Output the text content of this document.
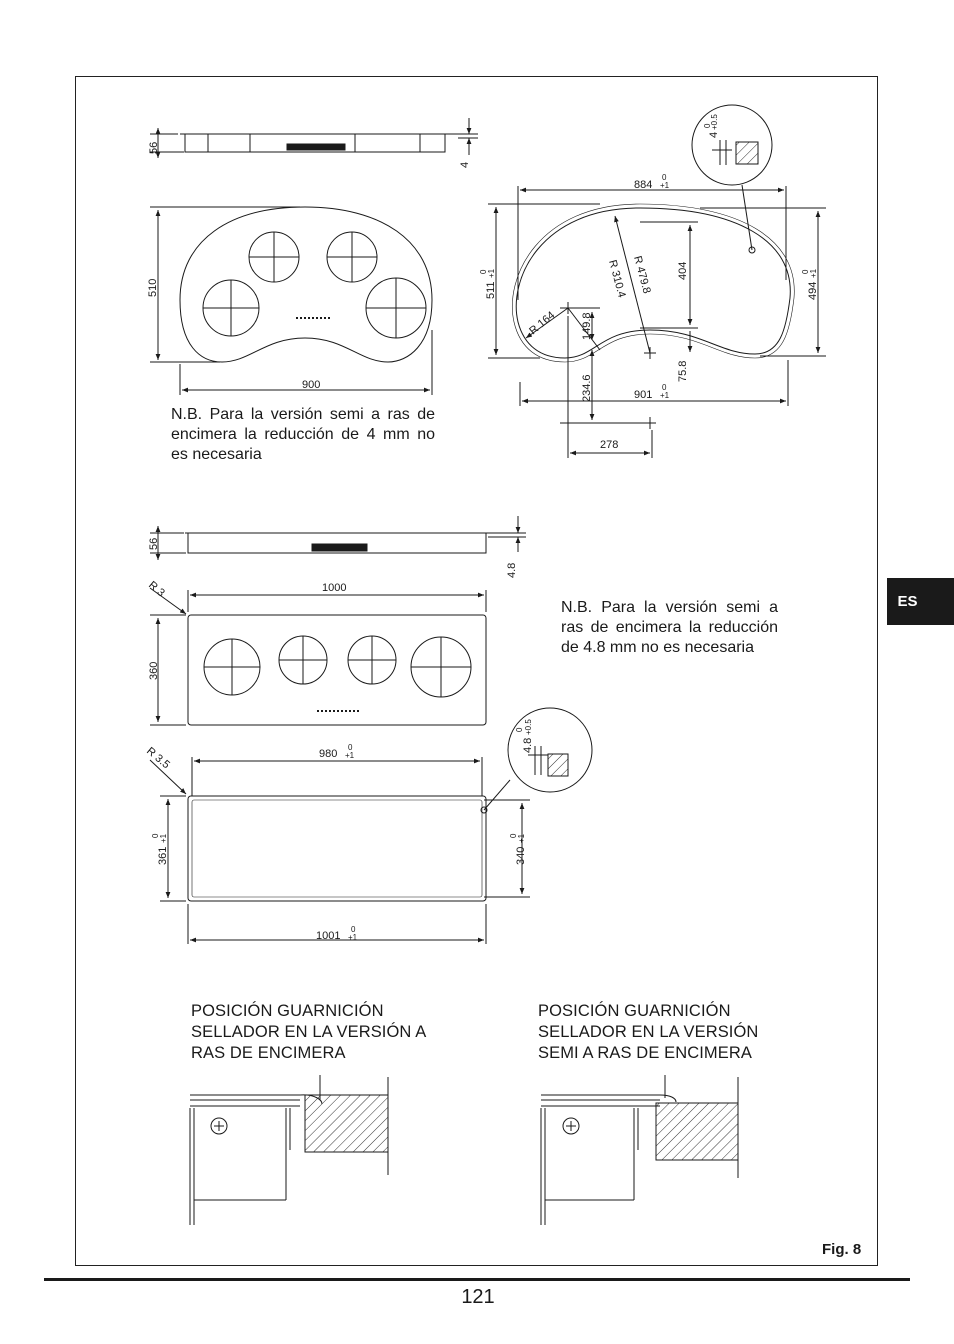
56
4
510
900
884 +1
0
901 +1
0
511
+1
0
494
+1
0
404
75.8
R 164
R 310.4 R 479.8
149.8
234.6
278
4
+0.5
0
56
4.8
R 3	1000
360
R 3.5	980 +1
0
1001 +1
0
361
+1
0
340
+1
0
4.8
+0.5
0
N.B. Para la versión semi a ras de encimera la reducción de 4 mm no es necesaria
N.B. Para la versión semi a ras de encimera la reducción de 4.8 mm no es necesaria
POSICIÓN GUARNICIÓN SELLADOR EN LA VERSIÓN A RAS DE ENCIMERA
POSICIÓN GUARNICIÓN SELLADOR EN LA VERSIÓN SEMI A RAS DE ENCIMERA
ES
Fig. 8
121
